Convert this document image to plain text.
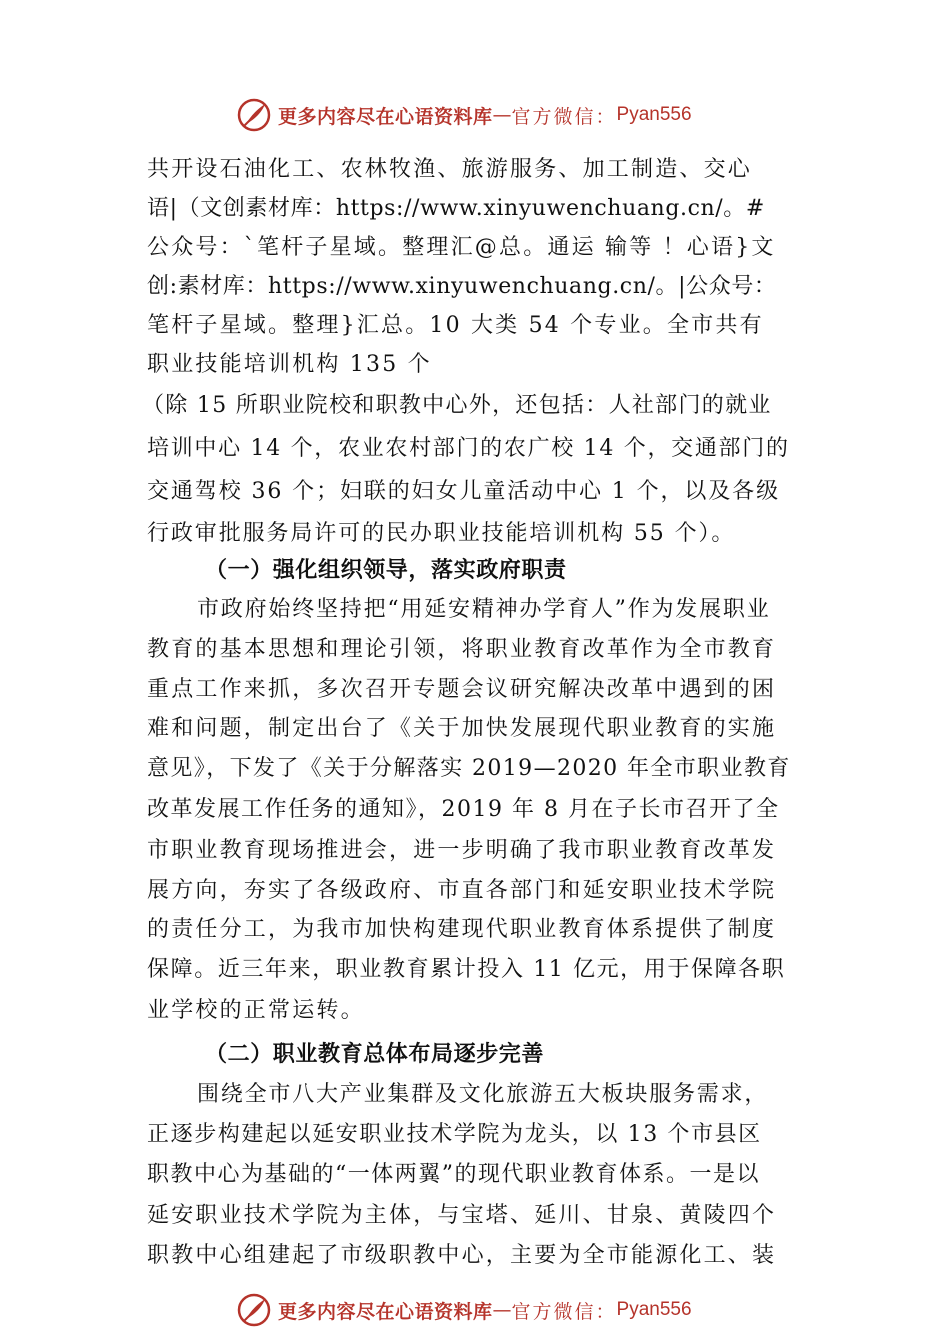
更多内容尽在心语资料库 — 官方微信： Pyan556
共开设石油化工、农林牧渔、旅游服务、加工制造、交心
语|（文创素材库：https://www.xinyuwenchuang.cn/。#
公众号：`笔杆子星域。整理汇@总。通运 输等 ！心语}文
创:素材库：https://www.xinyuwenchuang.cn/。|公众号：
笔杆子星域。整理}汇总。10 大类 54 个专业。全市共有
职业技能培训机构 135 个
（除 15 所职业院校和职教中心外，还包括：人社部门的就业
培训中心 14 个，农业农村部门的农广校 14 个，交通部门的
交通驾校 36 个；妇联的妇女儿童活动中心 1 个，以及各级
行政审批服务局许可的民办职业技能培训机构 55 个）。
（一）强化组织领导，落实政府职责
市政府始终坚持把“用延安精神办学育人”作为发展职业
教育的基本思想和理论引领，将职业教育改革作为全市教育
重点工作来抓，多次召开专题会议研究解决改革中遇到的困
难和问题，制定出台了《关于加快发展现代职业教育的实施
意见》，下发了《关于分解落实 2019—2020 年全市职业教育
改革发展工作任务的通知》，2019 年 8 月在子长市召开了全
市职业教育现场推进会，进一步明确了我市职业教育改革发
展方向，夯实了各级政府、市直各部门和延安职业技术学院
的责任分工，为我市加快构建现代职业教育体系提供了制度
保障。近三年来，职业教育累计投入 11 亿元，用于保障各职
业学校的正常运转。
（二）职业教育总体布局逐步完善
围绕全市八大产业集群及文化旅游五大板块服务需求，
正逐步构建起以延安职业技术学院为龙头，以 13 个市县区
职教中心为基础的“一体两翼”的现代职业教育体系。一是以
延安职业技术学院为主体，与宝塔、延川、甘泉、黄陵四个
职教中心组建起了市级职教中心，主要为全市能源化工、装
更多内容尽在心语资料库 — 官方微信： Pyan556
